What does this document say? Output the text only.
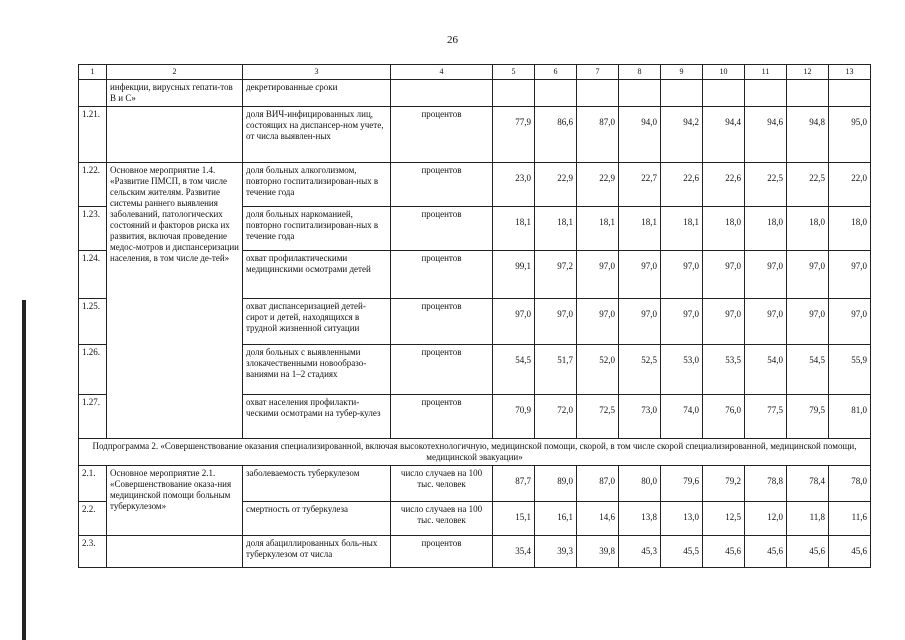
26
1	2	3	4	5	6	7	8	9	10	11	12	13
	инфекции, вирусных гепати-тов В и С»	декретированные сроки										
1.21.		доля ВИЧ-инфицированных лиц, состоящих на диспансер-ном учете, от числа выявлен-ных	процентов	77,9	86,6	87,0	94,0	94,2	94,4	94,6	94,8	95,0
1.22.	Основное мероприятие 1.4. «Развитие ПМСП, в том числе сельским жителям. Развитие системы раннего выявления заболеваний, патологических состояний и факторов риска их развития, включая проведение медос-мотров и диспансеризации населения, в том числе де-тей»	доля больных алкоголизмом, повторно госпитализирован-ных в течение года	процентов	23,0	22,9	22,9	22,7	22,6	22,6	22,5	22,5	22,0
1.23.		доля больных наркоманией, повторно госпитализирован-ных в течение года	процентов	18,1	18,1	18,1	18,1	18,1	18,0	18,0	18,0	18,0
1.24.		охват профилактическими медицинскими осмотрами детей	процентов	99,1	97,2	97,0	97,0	97,0	97,0	97,0	97,0	97,0
1.25.		охват диспансеризацией детей-сирот и детей, находящихся в трудной жизненной ситуации	процентов	97,0	97,0	97,0	97,0	97,0	97,0	97,0	97,0	97,0
1.26.		доля больных с выявленными злокачественными новообразо-ваниями на 1–2 стадиях	процентов	54,5	51,7	52,0	52,5	53,0	53,5	54,0	54,5	55,9
1.27.		охват населения профилакти-ческими осмотрами на тубер-кулез	процентов	70,9	72,0	72,5	73,0	74,0	76,0	77,5	79,5	81,0
Подпрограмма 2. «Совершенствование оказания специализированной, включая высокотехнологичную, медицинской помощи, скорой, в том числе скорой специализированной, медицинской помощи, медицинской эвакуации»												
2.1.	Основное мероприятие 2.1. «Совершенствование оказа-ния медицинской помощи больным туберкулезом»	заболеваемость туберкулезом	число случаев на 100 тыс. человек	87,7	89,0	87,0	80,0	79,6	79,2	78,8	78,4	78,0
2.2.		смертность от туберкулеза	число случаев на 100 тыс. человек	15,1	16,1	14,6	13,8	13,0	12,5	12,0	11,8	11,6
2.3.		доля абациллированных боль-ных туберкулезом от числа	процентов	35,4	39,3	39,8	45,3	45,5	45,6	45,6	45,6	45,6
